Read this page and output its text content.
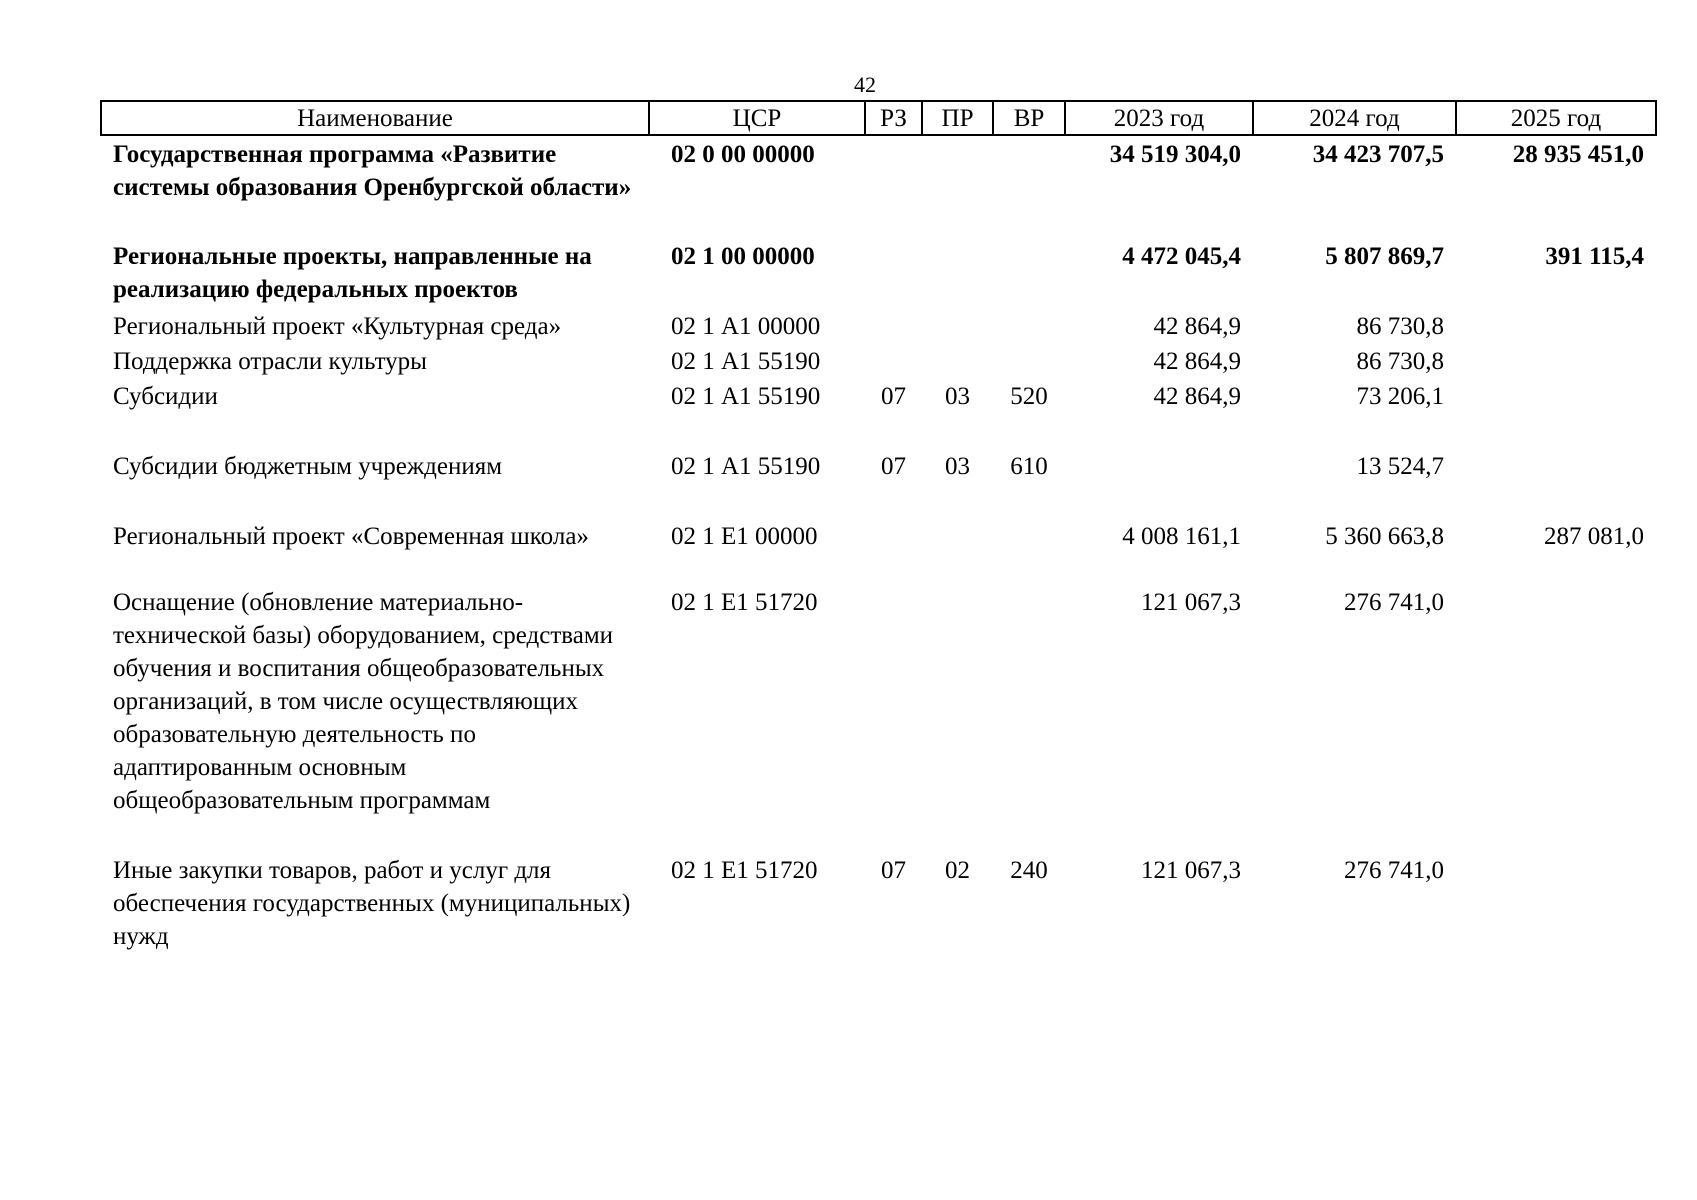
42
Наименование	ЦСР	РЗ	ПР	ВР	2023 год	2024 год	2025 год
Государственная программа «Развитие системы образования Оренбургской области»	02 0 00 00000				34 519 304,0	34 423 707,5	28 935 451,0
Региональные проекты, направленные на реализацию федеральных проектов	02 1 00 00000				4 472 045,4	5 807 869,7	391 115,4
Региональный проект «Культурная среда»	02 1 А1 00000				42 864,9	86 730,8	
Поддержка отрасли культуры	02 1 А1 55190				42 864,9	86 730,8	
Субсидии	02 1 А1 55190	07	03	520	42 864,9	73 206,1	
Субсидии бюджетным учреждениям	02 1 А1 55190	07	03	610		13 524,7	
Региональный проект «Современная школа»	02 1 Е1 00000				4 008 161,1	5 360 663,8	287 081,0
Оснащение (обновление материально-технической базы) оборудованием, средствами обучения и воспитания общеобразовательных организаций, в том числе осуществляющих образовательную деятельность по адаптированным основным общеобразовательным программам	02 1 Е1 51720				121 067,3	276 741,0	
Иные закупки товаров, работ и услуг для обеспечения государственных (муниципальных) нужд	02 1 Е1 51720	07	02	240	121 067,3	276 741,0	
